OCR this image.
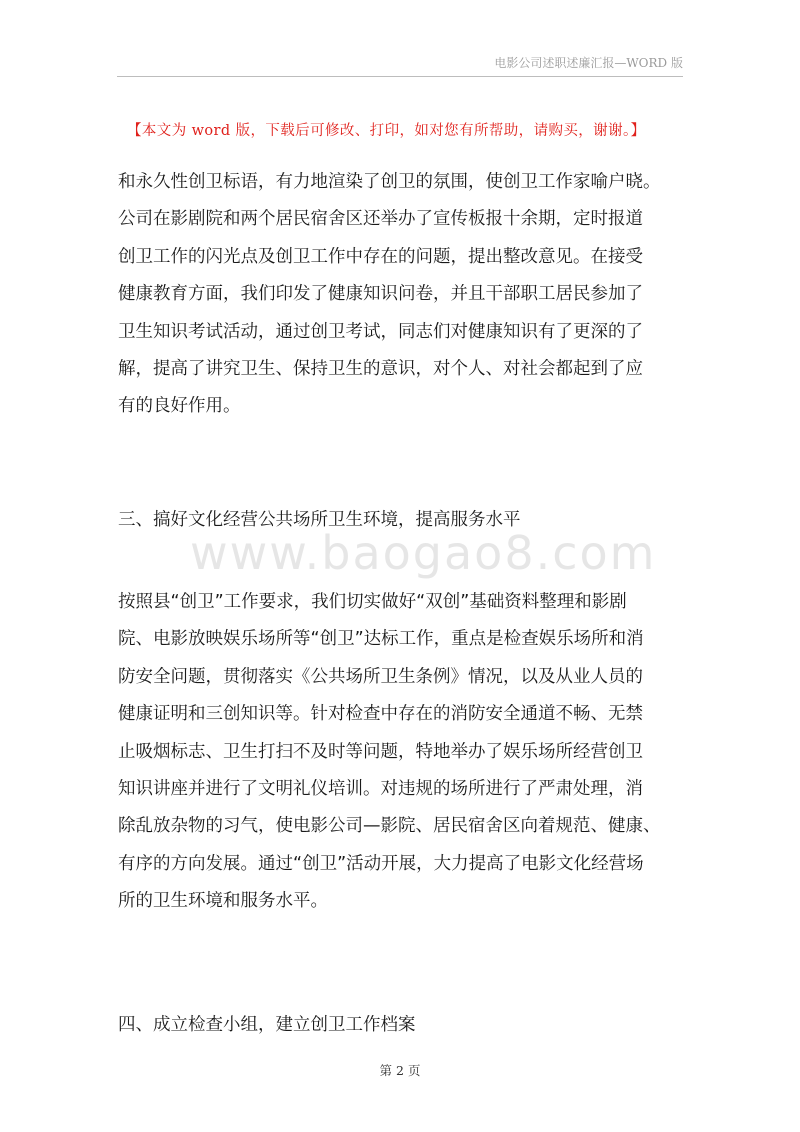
电影公司述职述廉汇报—WORD 版
【本文为 word 版，下载后可修改、打印，如对您有所帮助，请购买，谢谢。】

和永久性创卫标语，有力地渲染了创卫的氛围，使创卫工作家喻户晓。
公司在影剧院和两个居民宿舍区还举办了宣传板报十余期，定时报道
创卫工作的闪光点及创卫工作中存在的问题，提出整改意见。在接受
健康教育方面，我们印发了健康知识问卷，并且干部职工居民参加了
卫生知识考试活动，通过创卫考试，同志们对健康知识有了更深的了
解，提高了讲究卫生、保持卫生的意识，对个人、对社会都起到了应
有的良好作用。

三、搞好文化经营公共场所卫生环境，提高服务水平
www.baogao8.com

按照县“创卫”工作要求，我们切实做好“双创”基础资料整理和影剧
院、电影放映娱乐场所等“创卫”达标工作，重点是检查娱乐场所和消
防安全问题，贯彻落实《公共场所卫生条例》情况，以及从业人员的
健康证明和三创知识等。针对检查中存在的消防安全通道不畅、无禁
止吸烟标志、卫生打扫不及时等问题，特地举办了娱乐场所经营创卫
知识讲座并进行了文明礼仪培训。对违规的场所进行了严肃处理，消
除乱放杂物的习气，使电影公司—影院、居民宿舍区向着规范、健康、
有序的方向发展。通过“创卫”活动开展，大力提高了电影文化经营场
所的卫生环境和服务水平。

四、成立检查小组，建立创卫工作档案
第 2 页
